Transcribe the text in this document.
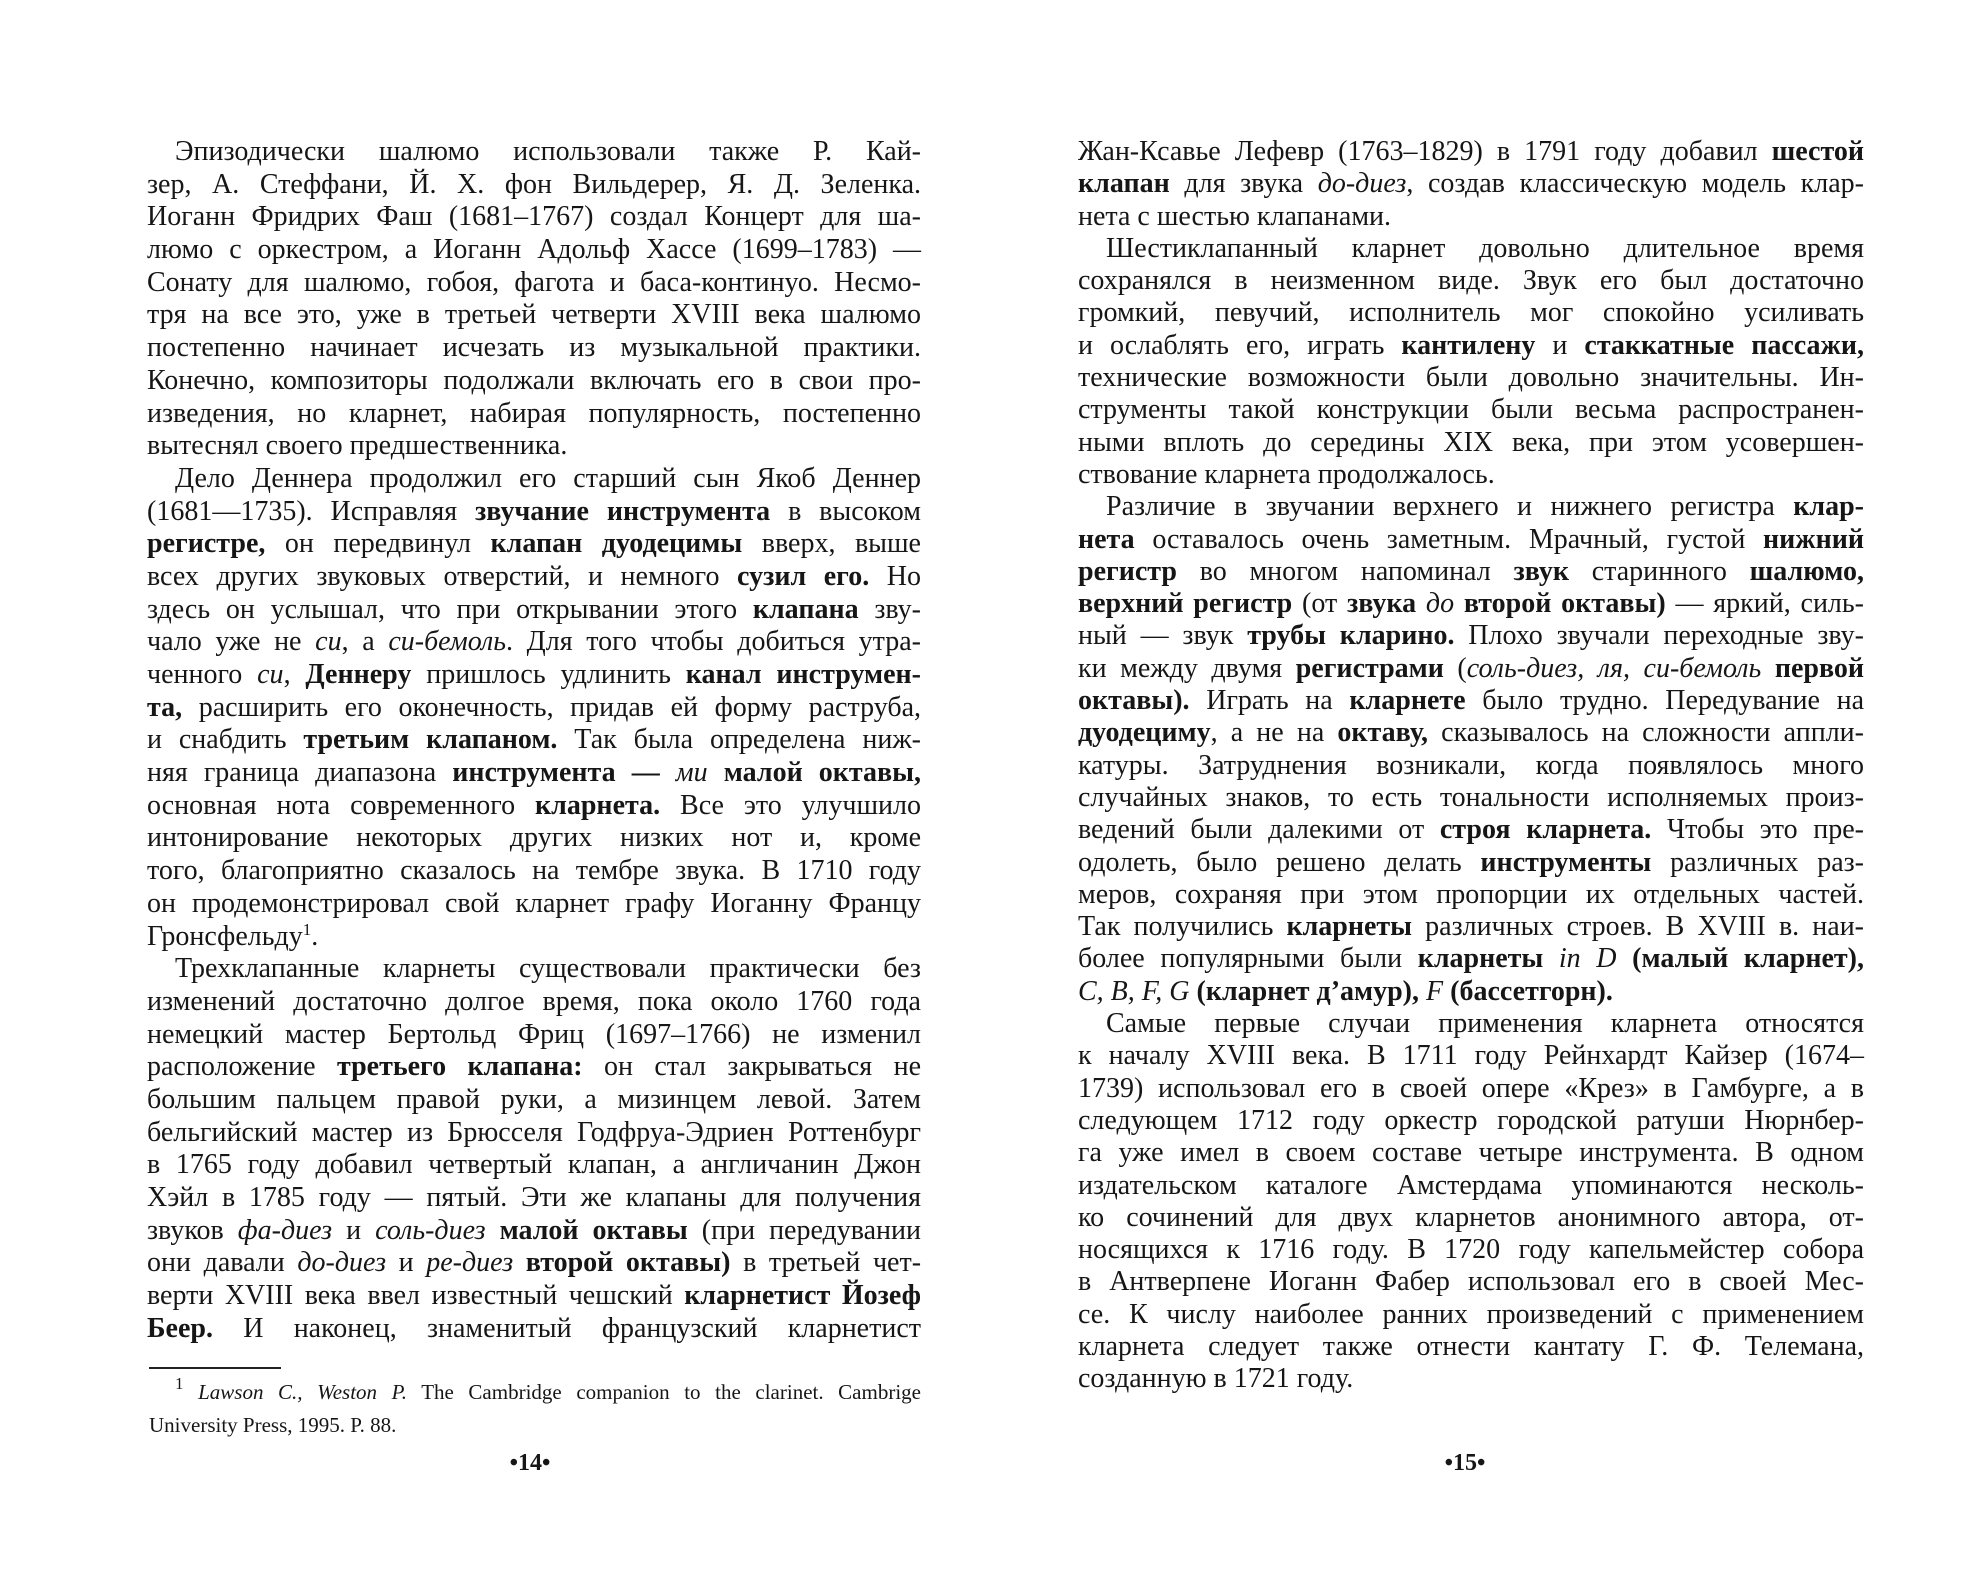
Эпизодически шалюмо использовали также Р. Кай-
зер, А. Стеффани, Й. Х. фон Вильдерер, Я. Д. Зеленка.
Иоганн Фридрих Фаш (1681–1767) создал Концерт для ша-
люмо с оркестром, а Иоганн Адольф Хассе (1699–1783) —
Сонату для шалюмо, гобоя, фагота и баса-континуо. Несмо-
тря на все это, уже в третьей четверти XVIII века шалюмо
постепенно начинает исчезать из музыкальной практики.
Конечно, композиторы подолжали включать его в свои про-
изведения, но кларнет, набирая популярность, постепенно
вытеснял своего предшественника.
Дело Деннера продолжил его старший сын Якоб Деннер
(1681—1735). Исправляя звучание инструмента в высоком
регистре, он передвинул клапан дуодецимы вверх, выше
всех других звуковых отверстий, и немного сузил его. Но
здесь он услышал, что при открывании этого клапана зву-
чало уже не си, а си-бемоль. Для того чтобы добиться утра-
ченного си, Деннеру пришлось удлинить канал инструмен-
та, расширить его оконечность, придав ей форму раструба,
и снабдить третьим клапаном. Так была определена ниж-
няя граница диапазона инструмента — ми малой октавы,
основная нота современного кларнета. Все это улучшило
интонирование некоторых других низких нот и, кроме
того, благоприятно сказалось на тембре звука. В 1710 году
он продемонстрировал свой кларнет графу Иоганну Францу
Гронсфельду$^1$.
Трехклапанные кларнеты существовали практически без
изменений достаточно долгое время, пока около 1760 года
немецкий мастер Бертольд Фриц (1697–1766) не изменил
расположение третьего клапана: он стал закрываться не
большим пальцем правой руки, а мизинцем левой. Затем
бельгийский мастер из Брюсселя Годфруа-Эдриен Роттенбург
в 1765 году добавил четвертый клапан, а англичанин Джон
Хэйл в 1785 году — пятый. Эти же клапаны для получения
звуков фа-диез и соль-диез малой октавы (при передувании
они давали до-диез и ре-диез второй октавы) в третьей чет-
верти XVIII века ввел известный чешский кларнетист Йозеф
Беер. И наконец, знаменитый французский кларнетист
$^1$ Lawson C., Weston P. The Cambridge companion to the clarinet. Cambrige
University Press, 1995. P. 88.
• 14 •
Жан-Ксавье Лефевр (1763–1829) в 1791 году добавил шестой
клапан для звука до-диез, создав классическую модель клар-
нета с шестью клапанами.
Шестиклапанный кларнет довольно длительное время
сохранялся в неизменном виде. Звук его был достаточно
громкий, певучий, исполнитель мог спокойно усиливать
и ослаблять его, играть кантилену и стаккатные пассажи,
технические возможности были довольно значительны. Ин-
струменты такой конструкции были весьма распространен-
ными вплоть до середины XIX века, при этом усовершен-
ствование кларнета продолжалось.
Различие в звучании верхнего и нижнего регистра клар-
нета оставалось очень заметным. Мрачный, густой нижний
регистр во многом напоминал звук старинного шалюмо,
верхний регистр (от звука до второй октавы) — яркий, силь-
ный — звук трубы кларино. Плохо звучали переходные зву-
ки между двумя регистрами (соль-диез, ля, си-бемоль первой
октавы). Играть на кларнете было трудно. Передувание на
дуодециму, а не на октаву, сказывалось на сложности аппли-
катуры. Затруднения возникали, когда появлялось много
случайных знаков, то есть тональности исполняемых произ-
ведений были далекими от строя кларнета. Чтобы это пре-
одолеть, было решено делать инструменты различных раз-
меров, сохраняя при этом пропорции их отдельных частей.
Так получились кларнеты различных строев. В XVIII в. наи-
более популярными были кларнеты in D (малый кларнет),
C, B, F, G (кларнет д’амур), F (бассетгорн).
Самые первые случаи применения кларнета относятся
к началу XVIII века. В 1711 году Рейнхардт Кайзер (1674–
1739) использовал его в своей опере «Крез» в Гамбурге, а в
следующем 1712 году оркестр городской ратуши Нюрнбер-
га уже имел в своем составе четыре инструмента. В одном
издательском каталоге Амстердама упоминаются несколь-
ко сочинений для двух кларнетов анонимного автора, от-
носящихся к 1716 году. В 1720 году капельмейстер собора
в Антверпене Иоганн Фабер использовал его в своей Мес-
се. К числу наиболее ранних произведений с применением
кларнета следует также отнести кантату Г. Ф. Телемана,
созданную в 1721 году.
• 15 •
